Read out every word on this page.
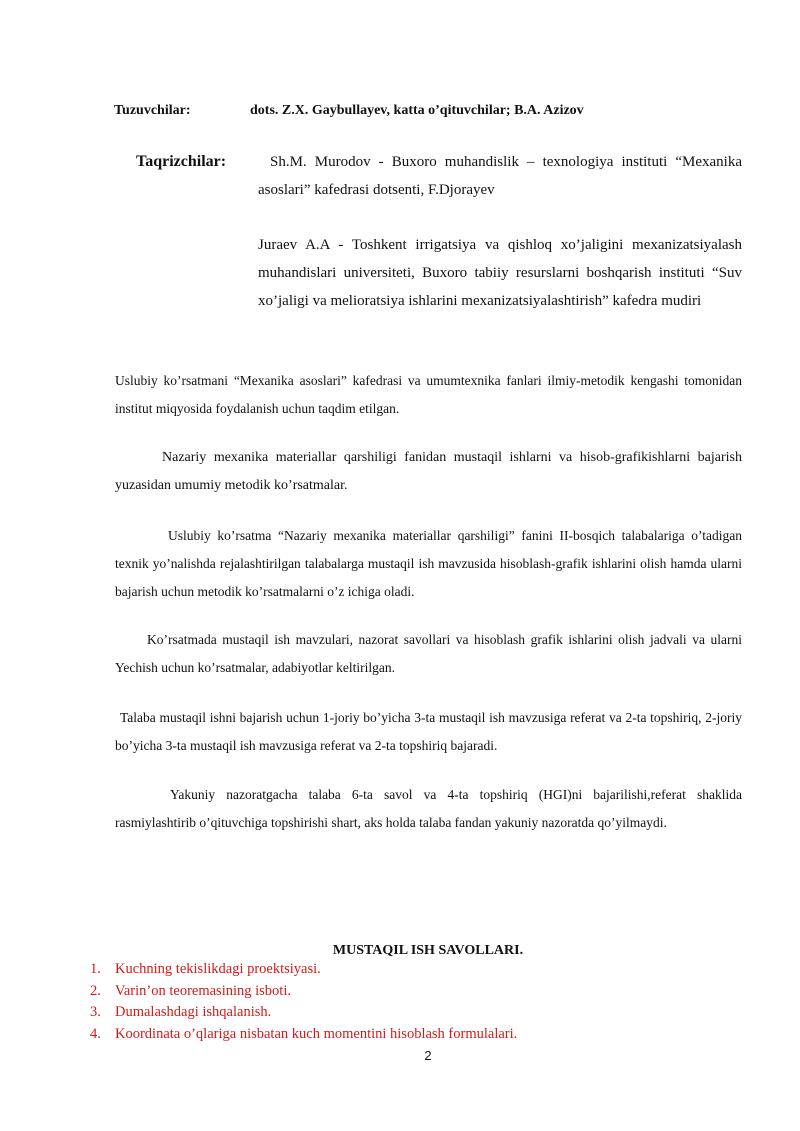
Tuzuvchilar:	dots. Z.X. Gaybullayev, katta o’qituvchilar; B.A. Azizov
Taqrizchilar:	Sh.M. Murodov - Buxoro muhandislik – texnologiya instituti “Mexanika asoslari” kafedrasi dotsenti, F.Djorayev

Juraev A.A - Toshkent irrigatsiya va qishloq xo’jaligini mexanizatsiyalash muhandislari universiteti, Buxoro tabiiy resurslarni boshqarish instituti “Suv xo’jaligi va melioratsiya ishlarini mexanizatsiyalashtirish” kafedra mudiri

Uslubiy ko’rsatmani “Mexanika asoslari” kafedrasi va umumtexnika fanlari ilmiy-metodik kengashi tomonidan institut miqyosida foydalanish uchun taqdim etilgan.

Nazariy mexanika materiallar qarshiligi fanidan mustaqil ishlarni va hisob-grafikishlarni bajarish yuzasidan umumiy metodik ko’rsatmalar.

Uslubiy ko’rsatma “Nazariy mexanika materiallar qarshiligi” fanini II-bosqich talabalariga o’tadigan texnik yo’nalishda rejalashtirilgan talabalarga mustaqil ish mavzusida hisoblash-grafik ishlarini olish hamda ularni bajarish uchun metodik ko’rsatmalarni o’z ichiga oladi.

Ko’rsatmada mustaqil ish mavzulari, nazorat savollari va hisoblash grafik ishlarini olish jadvali va ularni Yechish uchun ko’rsatmalar, adabiyotlar keltirilgan.

Talaba mustaqil ishni bajarish uchun 1-joriy bo’yicha 3-ta mustaqil ish mavzusiga referat va 2-ta topshiriq, 2-joriy bo’yicha 3-ta mustaqil ish mavzusiga referat va 2-ta topshiriq bajaradi.

Yakuniy nazoratgacha talaba 6-ta savol va 4-ta topshiriq (HGI)ni bajarilishi,referat shaklida rasmiylashtirib o’qituvchiga topshirishi shart, aks holda talaba fandan yakuniy nazoratda qo’yilmaydi.

MUSTAQIL ISH SAVOLLARI.
1. Kuchning tekislikdagi proektsiyasi.
2. Varin’on teoremasining isboti.
3. Dumalashdagi ishqalanish.
4. Koordinata o’qlariga nisbatan kuch momentini hisoblash formulalari.
2
